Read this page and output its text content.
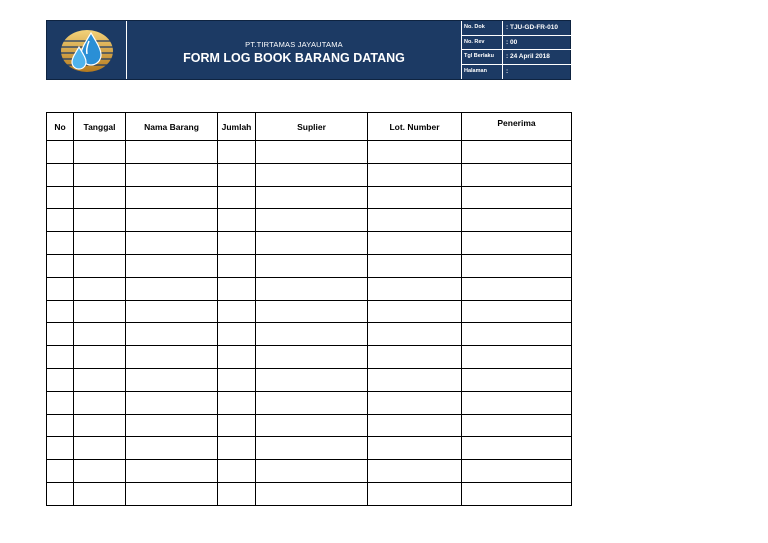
PT.TIRTAMAS JAYAUTAMA
FORM LOG BOOK BARANG DATANG
No. Dok	: TJU-GD-FR-010
No. Rev	: 00
Tgl Berlaku : 24 April 2018
Halaman	:
No	Tanggal	Nama Barang	Jumlah	Suplier	Lot. Number	Penerima
